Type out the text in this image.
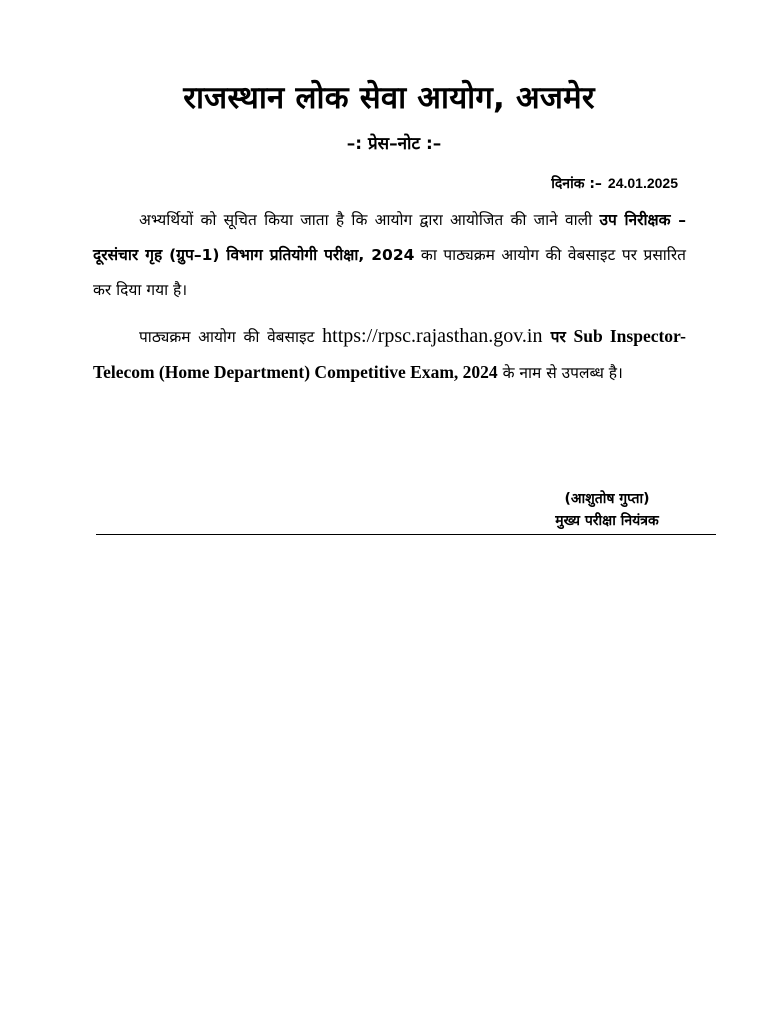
राजस्थान लोक सेवा आयोग, अजमेर
–: प्रेस–नोट :–
दिनांक :– 24.01.2025
अभ्यर्थियों को सूचित किया जाता है कि आयोग द्वारा आयोजित की जाने वाली उप निरीक्षक – दूरसंचार गृह (ग्रुप–1) विभाग प्रतियोगी परीक्षा, 2024 का पाठ्यक्रम आयोग की वेबसाइट पर प्रसारित कर दिया गया है।
पाठ्यक्रम आयोग की वेबसाइट https://rpsc.rajasthan.gov.in पर Sub Inspector- Telecom (Home Department) Competitive Exam, 2024 के नाम से उपलब्ध है।
(आशुतोष गुप्ता)
मुख्य परीक्षा नियंत्रक
